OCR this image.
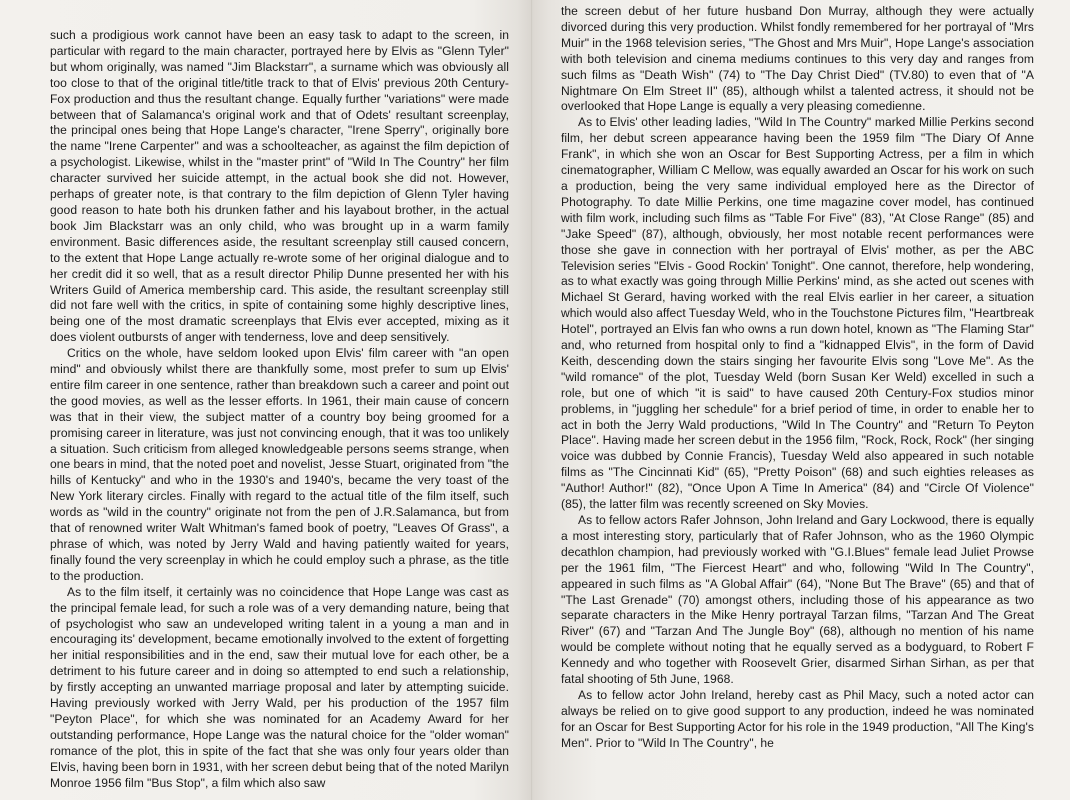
such a prodigious work cannot have been an easy task to adapt to the screen, in particular with regard to the main character, portrayed here by Elvis as "Glenn Tyler" but whom originally, was named "Jim Blackstarr", a surname which was obviously all too close to that of the original title/title track to that of Elvis' previous 20th Century-Fox production and thus the resultant change. Equally further "variations" were made between that of Salamanca's original work and that of Odets' resultant screenplay, the principal ones being that Hope Lange's character, "Irene Sperry", originally bore the name "Irene Carpenter" and was a schoolteacher, as against the film depiction of a psychologist. Likewise, whilst in the "master print" of "Wild In The Country" her film character survived her suicide attempt, in the actual book she did not. However, perhaps of greater note, is that contrary to the film depiction of Glenn Tyler having good reason to hate both his drunken father and his layabout brother, in the actual book Jim Blackstarr was an only child, who was brought up in a warm family environment. Basic differences aside, the resultant screenplay still caused concern, to the extent that Hope Lange actually re-wrote some of her original dialogue and to her credit did it so well, that as a result director Philip Dunne presented her with his Writers Guild of America membership card. This aside, the resultant screenplay still did not fare well with the critics, in spite of containing some highly descriptive lines, being one of the most dramatic screenplays that Elvis ever accepted, mixing as it does violent outbursts of anger with tenderness, love and deep sensitively.

Critics on the whole, have seldom looked upon Elvis' film career with "an open mind" and obviously whilst there are thankfully some, most prefer to sum up Elvis' entire film career in one sentence, rather than breakdown such a career and point out the good movies, as well as the lesser efforts. In 1961, their main cause of concern was that in their view, the subject matter of a country boy being groomed for a promising career in literature, was just not convincing enough, that it was too unlikely a situation. Such criticism from alleged knowledgeable persons seems strange, when one bears in mind, that the noted poet and novelist, Jesse Stuart, originated from "the hills of Kentucky" and who in the 1930's and 1940's, became the very toast of the New York literary circles. Finally with regard to the actual title of the film itself, such words as "wild in the country" originate not from the pen of J.R.Salamanca, but from that of renowned writer Walt Whitman's famed book of poetry, "Leaves Of Grass", a phrase of which, was noted by Jerry Wald and having patiently waited for years, finally found the very screenplay in which he could employ such a phrase, as the title to the production.

As to the film itself, it certainly was no coincidence that Hope Lange was cast as the principal female lead, for such a role was of a very demanding nature, being that of psychologist who saw an undeveloped writing talent in a young a man and in encouraging its' development, became emotionally involved to the extent of forgetting her initial responsibilities and in the end, saw their mutual love for each other, be a detriment to his future career and in doing so attempted to end such a relationship, by firstly accepting an unwanted marriage proposal and later by attempting suicide. Having previously worked with Jerry Wald, per his production of the 1957 film "Peyton Place", for which she was nominated for an Academy Award for her outstanding performance, Hope Lange was the natural choice for the "older woman" romance of the plot, this in spite of the fact that she was only four years older than Elvis, having been born in 1931, with her screen debut being that of the noted Marilyn Monroe 1956 film "Bus Stop", a film which also saw

the screen debut of her future husband Don Murray, although they were actually divorced during this very production. Whilst fondly remembered for her portrayal of "Mrs Muir" in the 1968 television series, "The Ghost and Mrs Muir", Hope Lange's association with both television and cinema mediums continues to this very day and ranges from such films as "Death Wish" (74) to "The Day Christ Died" (TV.80) to even that of "A Nightmare On Elm Street II" (85), although whilst a talented actress, it should not be overlooked that Hope Lange is equally a very pleasing comedienne.

As to Elvis' other leading ladies, "Wild In The Country" marked Millie Perkins second film, her debut screen appearance having been the 1959 film "The Diary Of Anne Frank", in which she won an Oscar for Best Supporting Actress, per a film in which cinematographer, William C Mellow, was equally awarded an Oscar for his work on such a production, being the very same individual employed here as the Director of Photography. To date Millie Perkins, one time magazine cover model, has continued with film work, including such films as "Table For Five" (83), "At Close Range" (85) and "Jake Speed" (87), although, obviously, her most notable recent performances were those she gave in connection with her portrayal of Elvis' mother, as per the ABC Television series "Elvis - Good Rockin' Tonight". One cannot, therefore, help wondering, as to what exactly was going through Millie Perkins' mind, as she acted out scenes with Michael St Gerard, having worked with the real Elvis earlier in her career, a situation which would also affect Tuesday Weld, who in the Touchstone Pictures film, "Heartbreak Hotel", portrayed an Elvis fan who owns a run down hotel, known as "The Flaming Star" and, who returned from hospital only to find a "kidnapped Elvis", in the form of David Keith, descending down the stairs singing her favourite Elvis song "Love Me". As the "wild romance" of the plot, Tuesday Weld (born Susan Ker Weld) excelled in such a role, but one of which "it is said" to have caused 20th Century-Fox studios minor problems, in "juggling her schedule" for a brief period of time, in order to enable her to act in both the Jerry Wald productions, "Wild In The Country" and "Return To Peyton Place". Having made her screen debut in the 1956 film, "Rock, Rock, Rock" (her singing voice was dubbed by Connie Francis), Tuesday Weld also appeared in such notable films as "The Cincinnati Kid" (65), "Pretty Poison" (68) and such eighties releases as "Author! Author!" (82), "Once Upon A Time In America" (84) and "Circle Of Violence" (85), the latter film was recently screened on Sky Movies.

As to fellow actors Rafer Johnson, John Ireland and Gary Lockwood, there is equally a most interesting story, particularly that of Rafer Johnson, who as the 1960 Olympic decathlon champion, had previously worked with "G.I.Blues" female lead Juliet Prowse per the 1961 film, "The Fiercest Heart" and who, following "Wild In The Country", appeared in such films as "A Global Affair" (64), "None But The Brave" (65) and that of "The Last Grenade" (70) amongst others, including those of his appearance as two separate characters in the Mike Henry portrayal Tarzan films, "Tarzan And The Great River" (67) and "Tarzan And The Jungle Boy" (68), although no mention of his name would be complete without noting that he equally served as a bodyguard, to Robert F Kennedy and who together with Roosevelt Grier, disarmed Sirhan Sirhan, as per that fatal shooting of 5th June, 1968.

As to fellow actor John Ireland, hereby cast as Phil Macy, such a noted actor can always be relied on to give good support to any production, indeed he was nominated for an Oscar for Best Supporting Actor for his role in the 1949 production, "All The King's Men". Prior to "Wild In The Country", he
